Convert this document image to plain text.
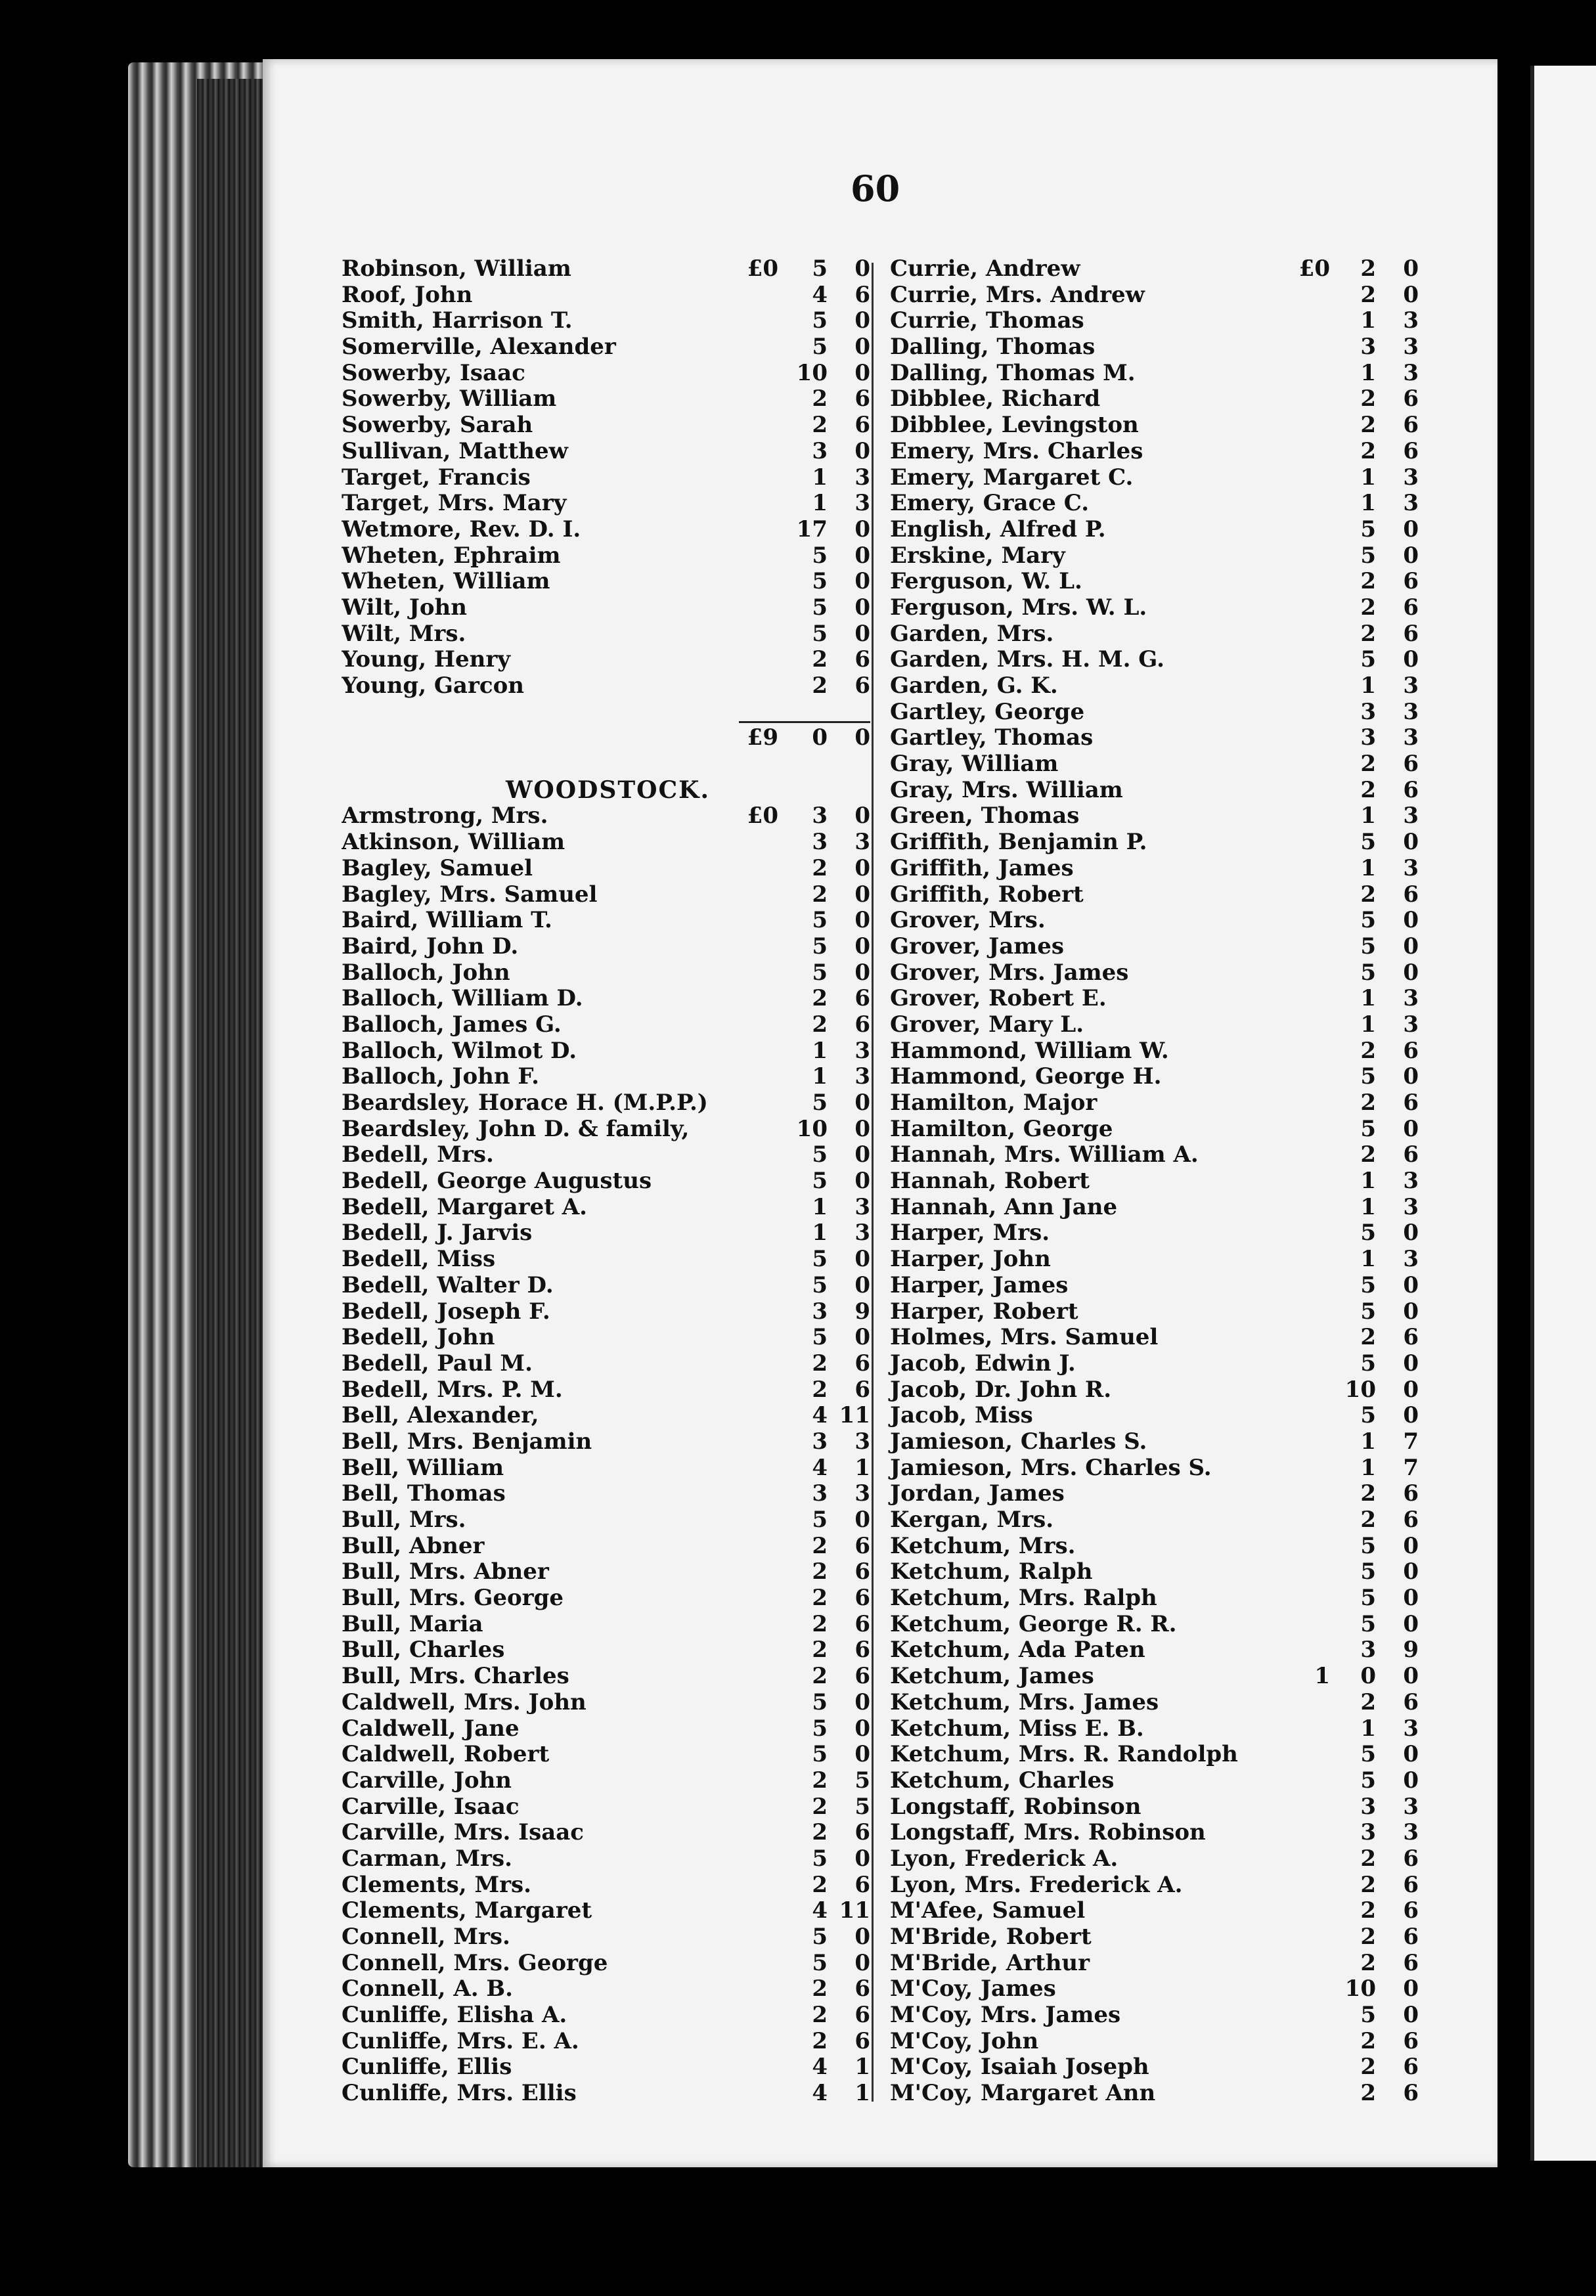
60
Robinson, William	£0	5	0
Roof, John	4	6
Smith, Harrison T.	5	0
Somerville, Alexander	5	0
Sowerby, Isaac	10	0
Sowerby, William	2	6
Sowerby, Sarah	2	6
Sullivan, Matthew	3	0
Target, Francis	1	3
Target, Mrs. Mary	1	3
Wetmore, Rev. D. I.	17	0
Wheten, Ephraim	5	0
Wheten, William	5	0
Wilt, John	5	0
Wilt, Mrs.	5	0
Young, Henry	2	6
Young, Garcon	2	6
£9	0	0
WOODSTOCK.
Armstrong, Mrs.	£0	3	0
Atkinson, William	3	3
Bagley, Samuel	2	0
Bagley, Mrs. Samuel	2	0
Baird, William T.	5	0
Baird, John D.	5	0
Balloch, John	5	0
Balloch, William D.	2	6
Balloch, James G.	2	6
Balloch, Wilmot D.	1	3
Balloch, John F.	1	3
Beardsley, Horace H. (M.P.P.)	5	0
Beardsley, John D. & family,	10	0
Bedell, Mrs.	5	0
Bedell, George Augustus	5	0
Bedell, Margaret A.	1	3
Bedell, J. Jarvis	1	3
Bedell, Miss	5	0
Bedell, Walter D.	5	0
Bedell, Joseph F.	3	9
Bedell, John	5	0
Bedell, Paul M.	2	6
Bedell, Mrs. P. M.	2	6
Bell, Alexander,	4 11
Bell, Mrs. Benjamin	3	3
Bell, William	4	1
Bell, Thomas	3	3
Bull, Mrs.	5	0
Bull, Abner	2	6
Bull, Mrs. Abner	2	6
Bull, Mrs. George	2	6
Bull, Maria	2	6
Bull, Charles	2	6
Bull, Mrs. Charles	2	6
Caldwell, Mrs. John	5	0
Caldwell, Jane	5	0
Caldwell, Robert	5	0
Carville, John	2	5
Carville, Isaac	2	5
Carville, Mrs. Isaac	2	6
Carman, Mrs.	5	0
Clements, Mrs.	2	6
Clements, Margaret	4 11
Connell, Mrs.	5	0
Connell, Mrs. George	5	0
Connell, A. B.	2	6
Cunliffe, Elisha A.	2	6
Cunliffe, Mrs. E. A.	2	6
Cunliffe, Ellis	4	1
Cunliffe, Mrs. Ellis	4	1
Currie, Andrew	£0	2	0
Currie, Mrs. Andrew	2	0
Currie, Thomas	1	3
Dalling, Thomas	3	3
Dalling, Thomas M.	1	3
Dibblee, Richard	2	6
Dibblee, Levingston	2	6
Emery, Mrs. Charles	2	6
Emery, Margaret C.	1	3
Emery, Grace C.	1	3
English, Alfred P.	5	0
Erskine, Mary	5	0
Ferguson, W. L.	2	6
Ferguson, Mrs. W. L.	2	6
Garden, Mrs.	2	6
Garden, Mrs. H. M. G.	5	0
Garden, G. K.	1	3
Gartley, George	3	3
Gartley, Thomas	3	3
Gray, William	2	6
Gray, Mrs. William	2	6
Green, Thomas	1	3
Griffith, Benjamin P.	5	0
Griffith, James	1	3
Griffith, Robert	2	6
Grover, Mrs.	5	0
Grover, James	5	0
Grover, Mrs. James	5	0
Grover, Robert E.	1	3
Grover, Mary L.	1	3
Hammond, William W.	2	6
Hammond, George H.	5	0
Hamilton, Major	2	6
Hamilton, George	5	0
Hannah, Mrs. William A.	2	6
Hannah, Robert	1	3
Hannah, Ann Jane	1	3
Harper, Mrs.	5	0
Harper, John	1	3
Harper, James	5	0
Harper, Robert	5	0
Holmes, Mrs. Samuel	2	6
Jacob, Edwin J.	5	0
Jacob, Dr. John R.	10	0
Jacob, Miss	5	0
Jamieson, Charles S.	1	7
Jamieson, Mrs. Charles S.	1	7
Jordan, James	2	6
Kergan, Mrs.	2	6
Ketchum, Mrs.	5	0
Ketchum, Ralph	5	0
Ketchum, Mrs. Ralph	5	0
Ketchum, George R. R.	5	0
Ketchum, Ada Paten	3	9
Ketchum, James	1	0	0
Ketchum, Mrs. James	2	6
Ketchum, Miss E. B.	1	3
Ketchum, Mrs. R. Randolph	5	0
Ketchum, Charles	5	0
Longstaff, Robinson	3	3
Longstaff, Mrs. Robinson	3	3
Lyon, Frederick A.	2	6
Lyon, Mrs. Frederick A.	2	6
M'Afee, Samuel	2	6
M'Bride, Robert	2	6
M'Bride, Arthur	2	6
M'Coy, James	10	0
M'Coy, Mrs. James	5	0
M'Coy, John	2	6
M'Coy, Isaiah Joseph	2	6
M'Coy, Margaret Ann	2	6
